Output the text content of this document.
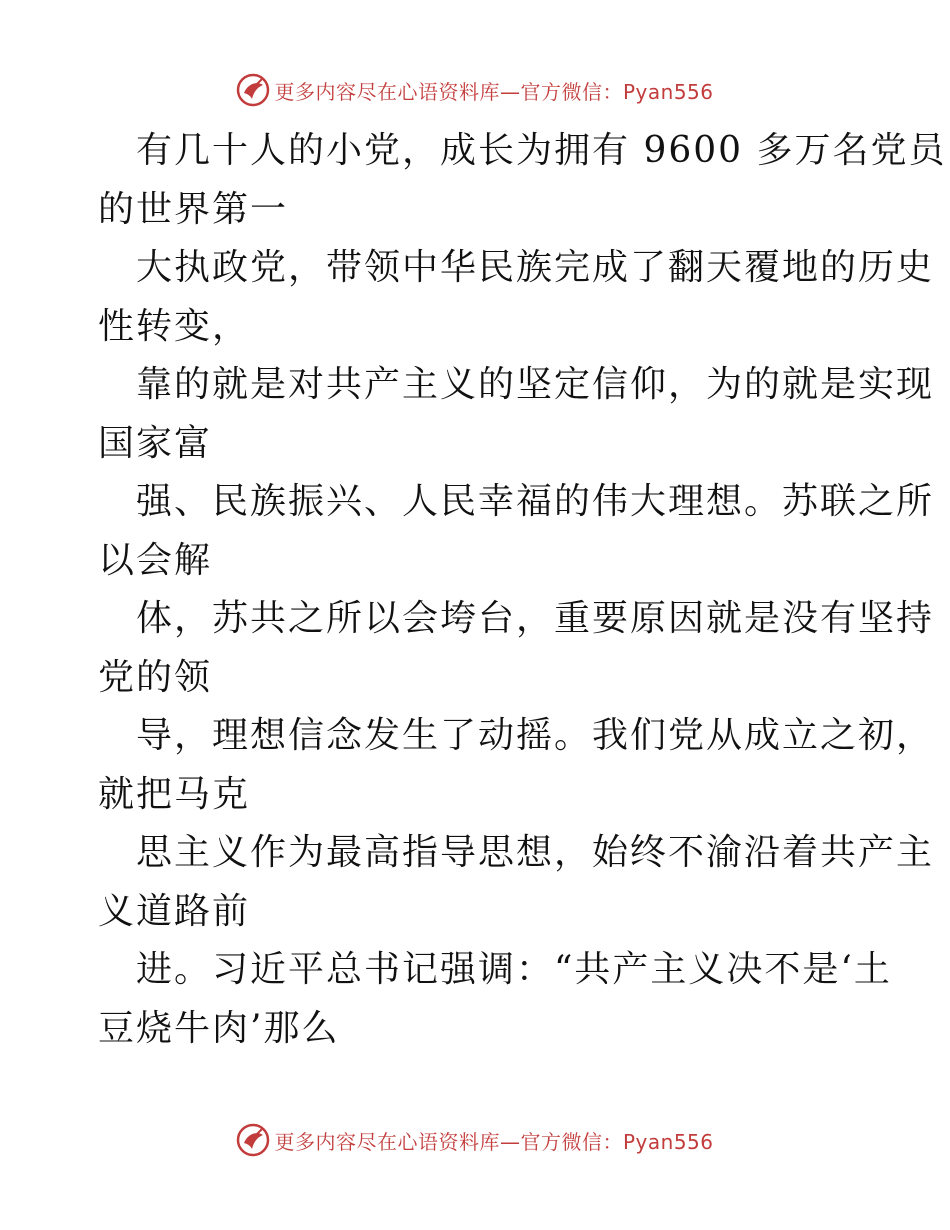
更多内容尽在心语资料库—官方微信：Pyan556
有几十人的小党，成长为拥有 9600 多万名党员
的世界第一
大执政党，带领中华民族完成了翻天覆地的历史
性转变，
靠的就是对共产主义的坚定信仰，为的就是实现
国家富
强、民族振兴、人民幸福的伟大理想。苏联之所
以会解
体，苏共之所以会垮台，重要原因就是没有坚持
党的领
导，理想信念发生了动摇。我们党从成立之初，
就把马克
思主义作为最高指导思想，始终不渝沿着共产主
义道路前
进。习近平总书记强调：“共产主义决不是‘土
豆烧牛肉’那么
更多内容尽在心语资料库—官方微信：Pyan556
